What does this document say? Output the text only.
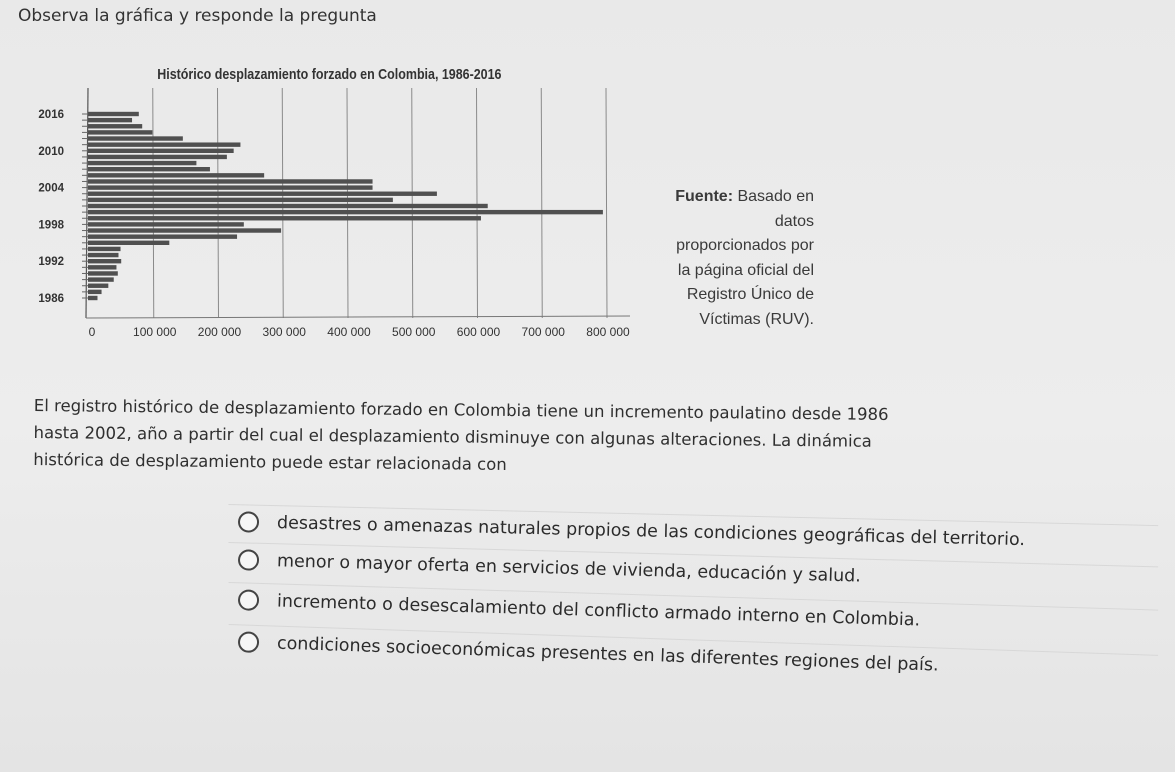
Observa la gráfica y responde la pregunta
Histórico desplazamiento forzado en Colombia, 1986-2016
0	100 000 200 000 300 000 400 000 500 000 600 000 700 000 800 000
1986
1992
1998
2004
2010
2016
Fuente: Basado en datos proporcionados por la página oficial del Registro Único de Víctimas (RUV).
El registro histórico de desplazamiento forzado en Colombia tiene un incremento paulatino desde 1986 hasta 2002, año a partir del cual el desplazamiento disminuye con algunas alteraciones. La dinámica histórica de desplazamiento puede estar relacionada con
desastres o amenazas naturales propios de las condiciones geográficas del territorio.
menor o mayor oferta en servicios de vivienda, educación y salud.
incremento o desescalamiento del conflicto armado interno en Colombia.
condiciones socioeconómicas presentes en las diferentes regiones del país.
